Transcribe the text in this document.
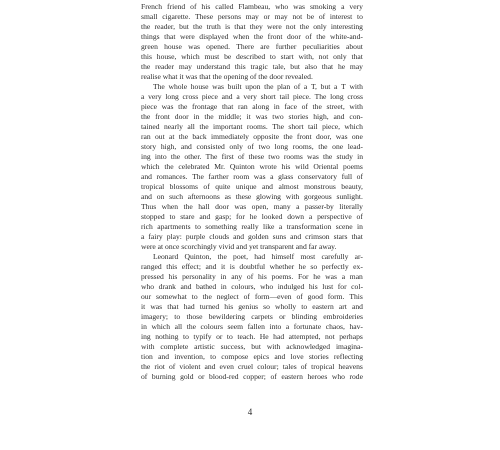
French friend of his called Flambeau, who was smoking a very
small cigarette. These persons may or may not be of interest to
the reader, but the truth is that they were not the only interesting
things that were displayed when the front door of the white-and-
green house was opened. There are further peculiarities about
this house, which must be described to start with, not only that
the reader may understand this tragic tale, but also that he may
realise what it was that the opening of the door revealed.
The whole house was built upon the plan of a T, but a T with
a very long cross piece and a very short tail piece. The long cross
piece was the frontage that ran along in face of the street, with
the front door in the middle; it was two stories high, and con-
tained nearly all the important rooms. The short tail piece, which
ran out at the back immediately opposite the front door, was one
story high, and consisted only of two long rooms, the one lead-
ing into the other. The first of these two rooms was the study in
which the celebrated Mr. Quinton wrote his wild Oriental poems
and romances. The farther room was a glass conservatory full of
tropical blossoms of quite unique and almost monstrous beauty,
and on such afternoons as these glowing with gorgeous sunlight.
Thus when the hall door was open, many a passer-by literally
stopped to stare and gasp; for he looked down a perspective of
rich apartments to something really like a transformation scene in
a fairy play: purple clouds and golden suns and crimson stars that
were at once scorchingly vivid and yet transparent and far away.
Leonard Quinton, the poet, had himself most carefully ar-
ranged this effect; and it is doubtful whether he so perfectly ex-
pressed his personality in any of his poems. For he was a man
who drank and bathed in colours, who indulged his lust for col-
our somewhat to the neglect of form—even of good form. This
it was that had turned his genius so wholly to eastern art and
imagery; to those bewildering carpets or blinding embroideries
in which all the colours seem fallen into a fortunate chaos, hav-
ing nothing to typify or to teach. He had attempted, not perhaps
with complete artistic success, but with acknowledged imagina-
tion and invention, to compose epics and love stories reflecting
the riot of violent and even cruel colour; tales of tropical heavens
of burning gold or blood-red copper; of eastern heroes who rode
4
